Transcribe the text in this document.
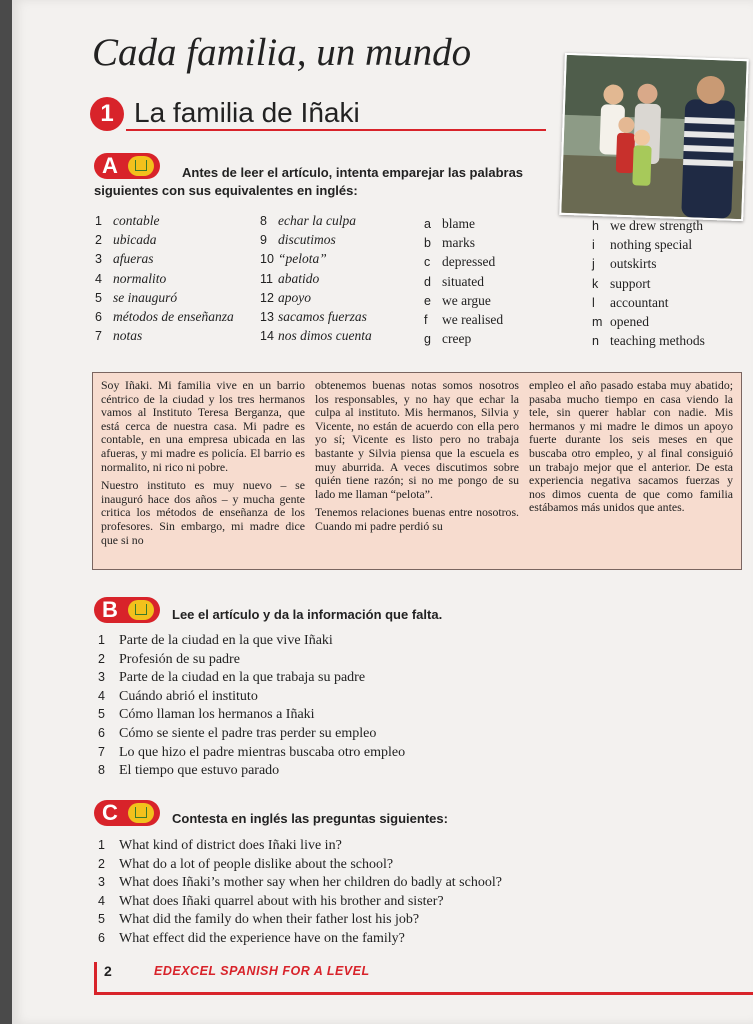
Cada familia, un mundo
1 La familia de Iñaki
A	Antes de leer el artículo, intenta emparejar las palabras
siguientes con sus equivalentes en inglés:
1 contable
2 ubicada
3 afueras
4 normalito
5 se inauguró
6 métodos de enseñanza
7 notas
8 echar la culpa
9 discutimos
10 “pelota”
11 abatido
12 apoyo
13 sacamos fuerzas
14 nos dimos cuenta
a blame
b marks
c depressed
d situated
e we argue
f we realised
g creep
h we drew strength
i nothing special
j outskirts
k support
l accountant
m opened
n teaching methods

Soy Iñaki. Mi familia vive en un barrio céntrico de la ciudad y los tres hermanos vamos al Instituto Teresa Berganza, que está cerca de nuestra casa. Mi padre es contable, en una empresa ubicada en las afueras, y mi madre es policía. El barrio es normalito, ni rico ni pobre.

Nuestro instituto es muy nuevo – se inauguró hace dos años – y mucha gente critica los métodos de enseñanza de los profesores. Sin embargo, mi madre dice que si no

obtenemos buenas notas somos nosotros los responsables, y no hay que echar la culpa al instituto. Mis hermanos, Silvia y Vicente, no están de acuerdo con ella pero yo sí; Vicente es listo pero no trabaja bastante y Silvia piensa que la escuela es muy aburrida. A veces discutimos sobre quién tiene razón; si no me pongo de su lado me llaman “pelota”.

Tenemos relaciones buenas entre nosotros. Cuando mi padre perdió su

empleo el año pasado estaba muy abatido; pasaba mucho tiempo en casa viendo la tele, sin querer hablar con nadie. Mis hermanos y mi madre le dimos un apoyo fuerte durante los seis meses en que buscaba otro empleo, y al final consiguió un trabajo mejor que el anterior. De esta experiencia negativa sacamos fuerzas y nos dimos cuenta de que como familia estábamos más unidos que antes.

B	Lee el artículo y da la información que falta.
1 Parte de la ciudad en la que vive Iñaki
2 Profesión de su padre
3 Parte de la ciudad en la que trabaja su padre
4 Cuándo abrió el instituto
5 Cómo llaman los hermanos a Iñaki
6 Cómo se siente el padre tras perder su empleo
7 Lo que hizo el padre mientras buscaba otro empleo
8 El tiempo que estuvo parado
C	Contesta en inglés las preguntas siguientes:
1 What kind of district does Iñaki live in?
2 What do a lot of people dislike about the school?
3 What does Iñaki’s mother say when her children do badly at school?
4 What does Iñaki quarrel about with his brother and sister?
5 What did the family do when their father lost his job?
6 What effect did the experience have on the family?
2	EDEXCEL SPANISH FOR A LEVEL
